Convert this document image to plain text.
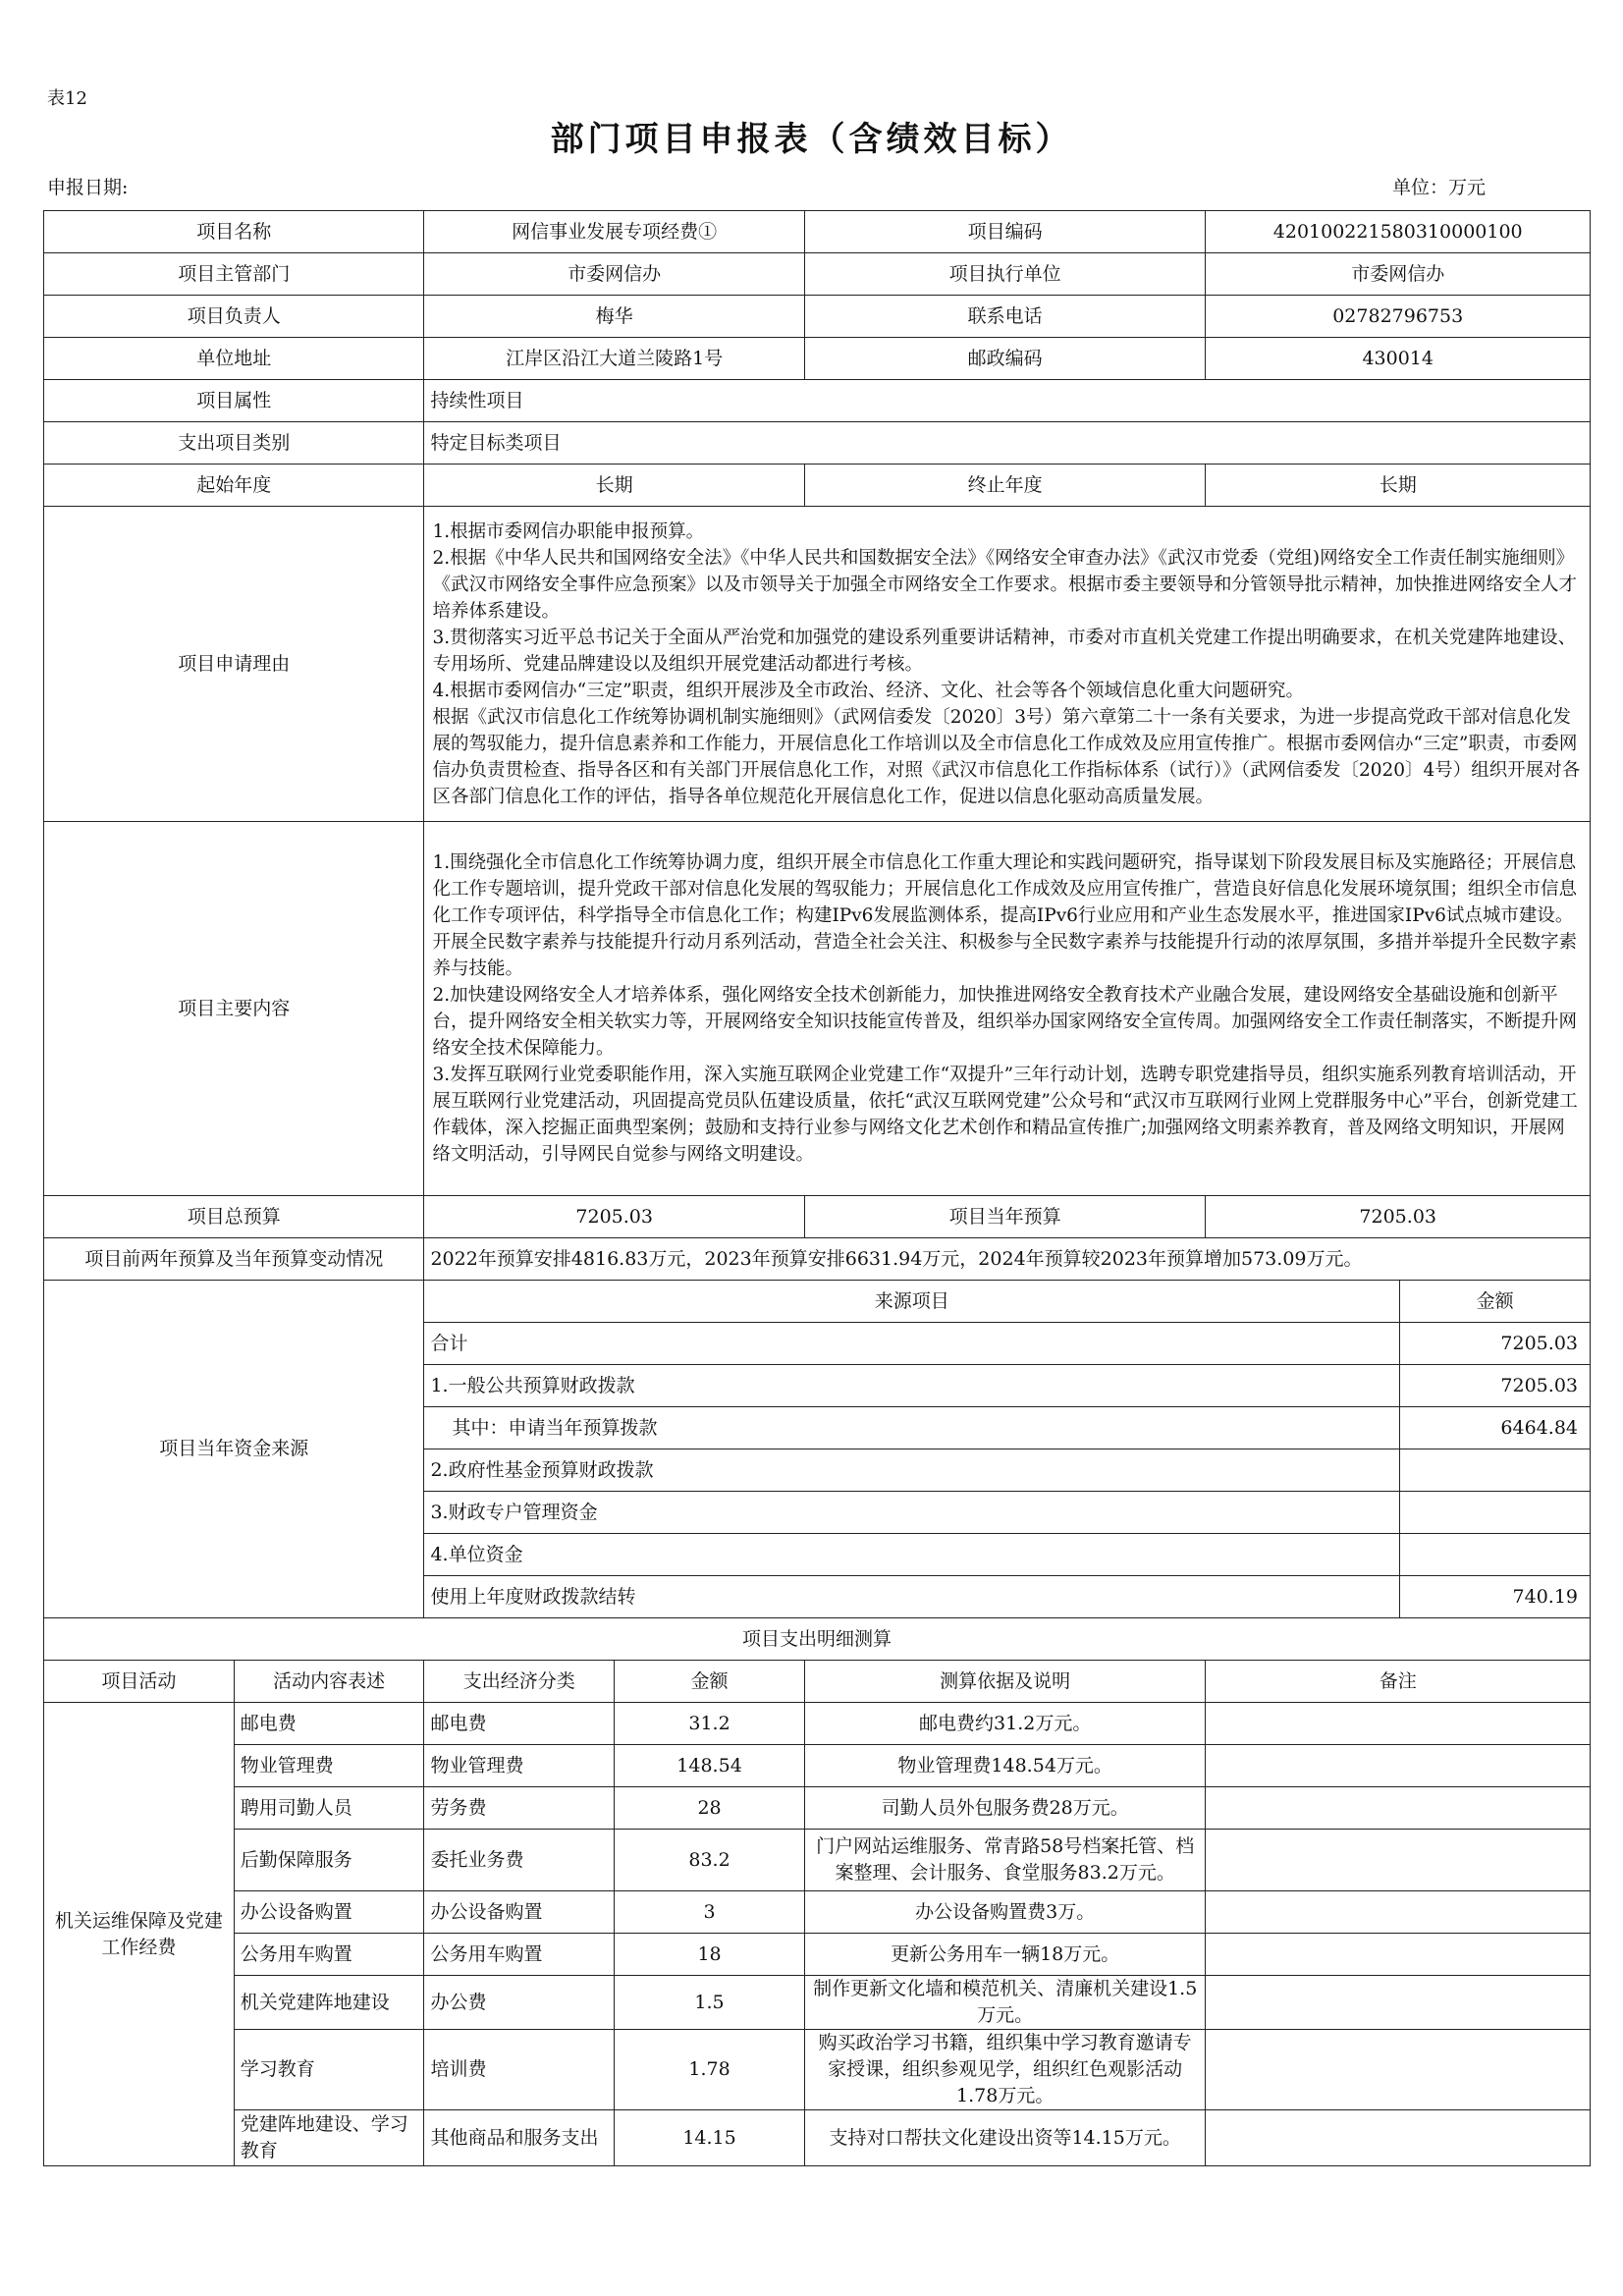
表12
部门项目申报表（含绩效目标）
申报日期:	单位：万元
项目名称		网信事业发展专项经费①		项目编码	420100221580310000100	
项目主管部门		市委网信办		项目执行单位	市委网信办	
项目负责人		梅华		联系电话	02782796753	
单位地址		江岸区沿江大道兰陵路1号		邮政编码	430014	
项目属性		持续性项目				
支出项目类别		特定目标类项目				
起始年度		长期		终止年度	长期	
项目申请理由		1.根据市委网信办职能申报预算。
2.根据《中华人民共和国网络安全法》《中华人民共和国数据安全法》《网络安全审查办法》《武汉市党委（党组)网络安全工作责任制实施细则》《武汉市网络安全事件应急预案》以及市领导关于加强全市网络安全工作要求。根据市委主要领导和分管领导批示精神，加快推进网络安全人才培养体系建设。
3.贯彻落实习近平总书记关于全面从严治党和加强党的建设系列重要讲话精神，市委对市直机关党建工作提出明确要求，在机关党建阵地建设、专用场所、党建品牌建设以及组织开展党建活动都进行考核。
4.根据市委网信办“三定”职责，组织开展涉及全市政治、经济、文化、社会等各个领域信息化重大问题研究。
根据《武汉市信息化工作统筹协调机制实施细则》（武网信委发〔2020〕3号）第六章第二十一条有关要求，为进一步提高党政干部对信息化发展的驾驭能力，提升信息素养和工作能力，开展信息化工作培训以及全市信息化工作成效及应用宣传推广。根据市委网信办“三定”职责，市委网信办负责贯检查、指导各区和有关部门开展信息化工作，对照《武汉市信息化工作指标体系（试行）》（武网信委发〔2020〕4号）组织开展对各区各部门信息化工作的评估，指导各单位规范化开展信息化工作，促进以信息化驱动高质量发展。				
项目主要内容		1.围绕强化全市信息化工作统筹协调力度，组织开展全市信息化工作重大理论和实践问题研究，指导谋划下阶段发展目标及实施路径；开展信息化工作专题培训，提升党政干部对信息化发展的驾驭能力；开展信息化工作成效及应用宣传推广，营造良好信息化发展环境氛围；组织全市信息化工作专项评估，科学指导全市信息化工作；构建IPv6发展监测体系，提高IPv6行业应用和产业生态发展水平，推进国家IPv6试点城市建设。开展全民数字素养与技能提升行动月系列活动，营造全社会关注、积极参与全民数字素养与技能提升行动的浓厚氛围，多措并举提升全民数字素养与技能。
2.加快建设网络安全人才培养体系，强化网络安全技术创新能力，加快推进网络安全教育技术产业融合发展，建设网络安全基础设施和创新平台，提升网络安全相关软实力等，开展网络安全知识技能宣传普及，组织举办国家网络安全宣传周。加强网络安全工作责任制落实，不断提升网络安全技术保障能力。
3.发挥互联网行业党委职能作用，深入实施互联网企业党建工作“双提升”三年行动计划，选聘专职党建指导员，组织实施系列教育培训活动，开展互联网行业党建活动，巩固提高党员队伍建设质量，依托“武汉互联网党建”公众号和“武汉市互联网行业网上党群服务中心”平台，创新党建工作载体，深入挖掘正面典型案例；鼓励和支持行业参与网络文化艺术创作和精品宣传推广;加强网络文明素养教育，普及网络文明知识，开展网络文明活动，引导网民自觉参与网络文明建设。				
项目总预算		7205.03		项目当年预算	7205.03	
项目前两年预算及当年预算变动情况		2022年预算安排4816.83万元，2023年预算安排6631.94万元，2024年预算较2023年预算增加573.09万元。				
项目当年资金来源		来源项目				金额
		合计				7205.03
		1.一般公共预算财政拨款				7205.03
		其中：申请当年预算拨款				6464.84
		2.政府性基金预算财政拨款				
		3.财政专户管理资金				
		4.单位资金				
		使用上年度财政拨款结转				740.19
项目支出明细测算						
项目活动	活动内容表述	支出经济分类	金额	测算依据及说明	备注	
机关运维保障及党建工作经费	邮电费	邮电费	31.2	邮电费约31.2万元。		
	物业管理费	物业管理费	148.54	物业管理费148.54万元。		
	聘用司勤人员	劳务费	28	司勤人员外包服务费28万元。		
	后勤保障服务	委托业务费	83.2	门户网站运维服务、常青路58号档案托管、档案整理、会计服务、食堂服务83.2万元。		
	办公设备购置	办公设备购置	3	办公设备购置费3万。		
	公务用车购置	公务用车购置	18	更新公务用车一辆18万元。		
	机关党建阵地建设	办公费	1.5	制作更新文化墙和模范机关、清廉机关建设1.5万元。		
	学习教育	培训费	1.78	购买政治学习书籍，组织集中学习教育邀请专家授课，组织参观见学，组织红色观影活动1.78万元。		
	党建阵地建设、学习教育	其他商品和服务支出	14.15	支持对口帮扶文化建设出资等14.15万元。		
